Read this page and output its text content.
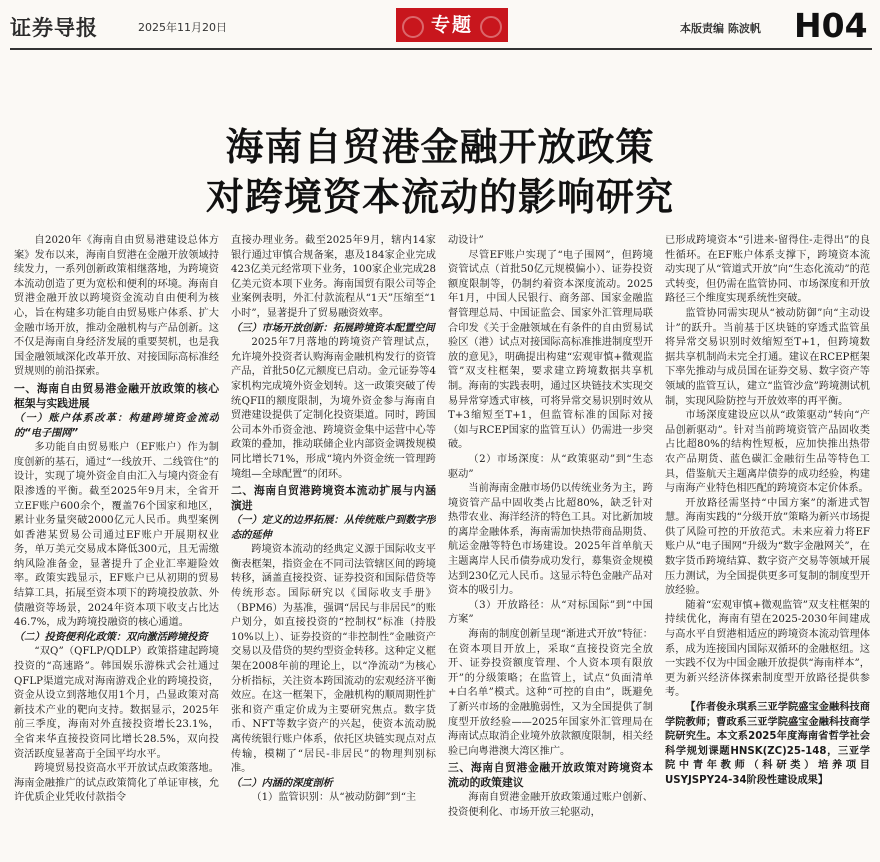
证券导报	2025年11月20日	专题	本版责编 陈波帆 H04
海南自贸港金融开放政策
对跨境资本流动的影响研究

自2020年《海南自由贸易港建设总体方案》发布以来，海南自贸港在金融开放领域持续发力，一系列创新政策相继落地，为跨境资本流动创造了更为宽松和便利的环境。海南自贸港金融开放以跨境资金流动自由便利为核心，旨在构建多功能自由贸易账户体系、扩大金融市场开放，推动金融机构与产品创新。这不仅是海南自身经济发展的重要契机，也是我国金融领域深化改革开放、对接国际高标准经贸规则的前沿探索。

一、海南自由贸易港金融开放政策的核心框架与实践进展
（一）账户体系改革：构建跨境资金流动的“电子围网”

多功能自由贸易账户（EF账户）作为制度创新的基石，通过“一线放开、二线管住”的设计，实现了境外资金自由汇入与境内资金有限渗透的平衡。截至2025年9月末，全省开立EF账户600余个，覆盖76个国家和地区，累计业务量突破2000亿元人民币。典型案例如香港某贸易公司通过EF账户开展期权业务，单万美元交易成本降低300元，且无需缴纳风险准备金，显著提升了企业汇率避险效率。政策实践显示，EF账户已从初期的贸易结算工具，拓展至资本项下的跨境投放款、外债融资等场景，2024年资本项下收支占比达46.7%，成为跨境投融资的核心通道。

（二）投资便利化政策：双向激活跨境投资

“双Q”（QFLP/QDLP）政策搭建起跨境投资的“高速路”。韩国娱乐游株式会社通过QFLP渠道完成对海南游戏企业的跨境投资，资金从设立到落地仅用1个月，凸显政策对高新技术产业的靶向支持。数据显示，2025年前三季度，海南对外直接投资增长23.1%，全省来华直接投资同比增长28.5%，双向投资活跃度显著高于全国平均水平。

跨境贸易投资高水平开放试点政策落地。海南金融推广的试点政策简化了单证审核，允许优质企业凭收付款指令

直接办理业务。截至2025年9月，辖内14家银行通过审慎合规备案，惠及184家企业完成423亿美元经常项下业务，100家企业完成28亿美元资本项下业务。海南国贸有限公司等企业案例表明，外汇付款流程从“1天”压缩至“1小时”，显著提升了贸易融资效率。

（三）市场开放创新：拓展跨境资本配置空间

2025年7月落地的跨境资产管理试点，允许境外投资者认购海南金融机构发行的资管产品，首批50亿元额度已启动。金元证券等4家机构完成境外资金划转。这一政策突破了传统QFII的额度限制，为境外资金参与海南自贸港建设提供了定制化投资渠道。同时，跨国公司本外币资金池、跨境资金集中运营中心等政策的叠加，推动联储企业内部资金调拨规模同比增长71%，形成“境内外资金统一管理跨境组—全球配置”的闭环。

二、海南自贸港跨境资本流动扩展与内涵演进
（一）定义的边界拓展：从传统账户到数字形态的延伸

跨境资本流动的经典定义源于国际收支平衡表框架，指资金在不同司法管辖区间的跨境转移，涵盖直接投资、证券投资和国际借贷等传统形态。国际研究以《国际收支手册》（BPM6）为基准，强调“居民与非居民”的账户划分，如直接投资的“控制权”标准（持股10%以上）、证券投资的“非控制性”金融资产交易以及借贷的契约型资金转移。这种定义框架在2008年前的理论上，以“净流动”为核心分析指标，关注资本跨国流动的宏观经济平衡效应。在这一框架下，金融机构的顺周期性扩张和资产重定价成为主要研究焦点。数字货币、NFT等数字资产的兴起，使资本流动脱离传统银行账户体系，依托区块链实现点对点传输，模糊了“居民-非居民”的物理判别标准。

（二）内涵的深度剖析

（1）监管识别：从“被动防御”到“主

动设计”

尽管EF账户实现了“电子围网”，但跨境资管试点（首批50亿元规模偏小）、证券投资额度限制等，仍制约着资本深度流动。2025年1月，中国人民银行、商务部、国家金融监督管理总局、中国证监会、国家外汇管理局联合印发《关于金融领域在有条件的自由贸易试验区（港）试点对接国际高标准推进制度型开放的意见》，明确提出构建“宏观审慎+微观监管”双支柱框架，要求建立跨境数据共享机制。海南的实践表明，通过区块链技术实现交易异常穿透式审核，可将异常交易识别时效从T+3缩短至T+1，但监管标准的国际对接（如与RCEP国家的监管互认）仍需进一步突破。

（2）市场深度：从“政策驱动”到“生态驱动”

当前海南金融市场仍以传统业务为主，跨境资管产品中固收类占比超80%，缺乏针对热带农业、海洋经济的特色工具。对比新加坡的离岸金融体系，海南需加快热带商品期货、航运金融等特色市场建设。2025年首单航天主题离岸人民币债券成功发行，募集资金规模达到230亿元人民币。这显示特色金融产品对资本的吸引力。

（3）开放路径：从“对标国际”到“中国方案”

海南的制度创新呈现“渐进式开放”特征：在资本项目开放上，采取“直接投资完全放开、证券投资额度管理、个人资本项有限放开”的分级策略；在监管上，试点“负面清单+白名单”模式。这种“可控的自由”，既避免了新兴市场的金融脆弱性，又为全国提供了制度型开放经验——2025年国家外汇管理局在海南试点取消企业境外放款额度限制，相关经验已向粤港澳大湾区推广。

三、海南自贸港金融开放政策对跨境资本流动的政策建议

海南自贸港金融开放政策通过账户创新、投资便利化、市场开放三轮驱动，

已形成跨境资本“引进来-留得住-走得出”的良性循环。在EF账户体系支撑下，跨境资本流动实现了从“管道式开放”向“生态化流动”的范式转变，但仍需在监管协同、市场深度和开放路径三个维度实现系统性突破。

监管协同需实现从“被动防御”向“主动设计”的跃升。当前基于区块链的穿透式监管虽将异常交易识别时效缩短至T+1，但跨境数据共享机制尚未完全打通。建议在RCEP框架下率先推动与成员国在证券交易、数字资产等领域的监管互认，建立“监管沙盒”跨境测试机制，实现风险防控与开放效率的再平衡。

市场深度建设应以从“政策驱动”转向“产品创新驱动”。针对当前跨境资管产品固收类占比超80%的结构性短板，应加快推出热带农产品期货、蓝色碳汇金融衍生品等特色工具，借鉴航天主题离岸债券的成功经验，构建与南海产业特色相匹配的跨境资本定价体系。

开放路径需坚持“中国方案”的渐进式智慧。海南实践的“分级开放”策略为新兴市场提供了风险可控的开放范式。未来应着力将EF账户从“电子围网”升级为“数字金融网关”，在数字货币跨境结算、数字资产交易等领域开展压力测试，为全国提供更多可复制的制度型开放经验。

随着“宏观审慎+微观监管”双支柱框架的持续优化，海南有望在2025-2030年间建成与高水平自贸港相适应的跨境资本流动管理体系，成为连接国内国际双循环的金融枢纽。这一实践不仅为中国金融开放提供“海南样本”，更为新兴经济体探索制度型开放路径提供参考。

【作者俊永琪系三亚学院盛宝金融科技商学院教师；曹政系三亚学院盛宝金融科技商学院研究生。本文系2025年度海南省哲学社会科学规划课题HNSK(ZC)25-148，三亚学院中青年教师（科研类）培养项目USYJSPY24-34阶段性建设成果】
